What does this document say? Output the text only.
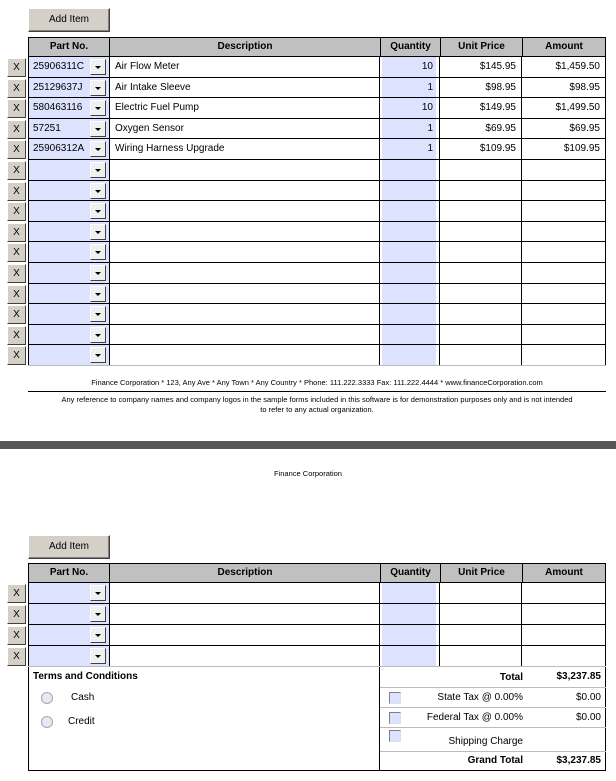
Add Item
Part No.	Description	Quantity	Unit Price	Amount
X	25906311C	Air Flow Meter	10	$145.95	$1,459.50
X	25129637J	Air Intake Sleeve	1	$98.95	$98.95
X	580463116	Electric Fuel Pump	10	$149.95	$1,499.50
X	57251	Oxygen Sensor	1	$69.95	$69.95
X	25906312A	Wiring Harness Upgrade	1	$109.95	$109.95
X
X
X
X
X
X
X
X
X
X
Finance Corporation * 123, Any Ave * Any Town * Any Country * Phone: 111.222.3333 Fax: 111.222.4444 * www.financeCorporation.com
Any reference to company names and company logos in the sample forms included in this software is for demonstration purposes only and is not intended
to refer to any actual organization.
Finance Corporation
Add Item
Part No.	Description	Quantity	Unit Price	Amount
X
X
X
X
Terms and Conditions
Cash
Credit
Total	$3,237.85
State Tax @ 0.00%	$0.00
Federal Tax @ 0.00%	$0.00
Shipping Charge
Grand Total	$3,237.85
